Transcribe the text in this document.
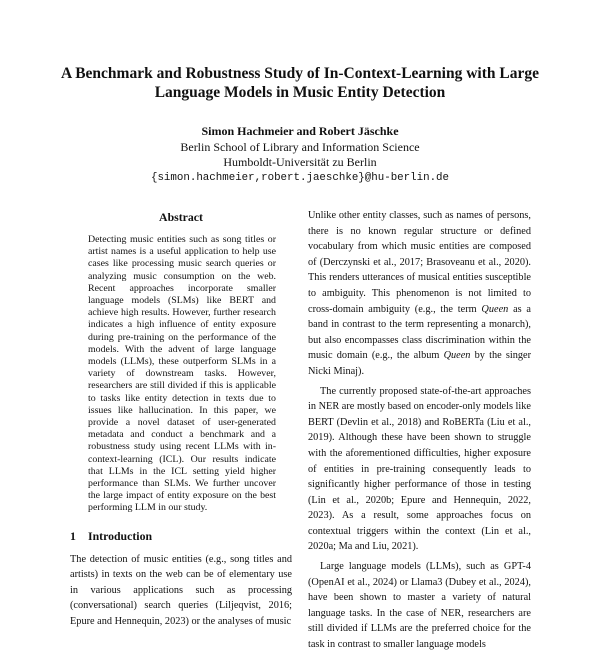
A Benchmark and Robustness Study of In-Context-Learning with Large Language Models in Music Entity Detection
Simon Hachmeier and Robert Jäschke
Berlin School of Library and Information Science
Humboldt-Universität zu Berlin
{simon.hachmeier,robert.jaeschke}@hu-berlin.de
Abstract

Detecting music entities such as song titles or artist names is a useful application to help use cases like processing music search queries or analyzing music consumption on the web. Recent approaches incorporate smaller language models (SLMs) like BERT and achieve high results. However, further research indicates a high influence of entity exposure during pre-training on the performance of the models. With the advent of large language models (LLMs), these outperform SLMs in a variety of downstream tasks. However, researchers are still divided if this is applicable to tasks like entity detection in texts due to issues like hallucination. In this paper, we provide a novel dataset of user-generated metadata and conduct a benchmark and a robustness study using recent LLMs with in-context-learning (ICL). Our results indicate that LLMs in the ICL setting yield higher performance than SLMs. We further uncover the large impact of entity exposure on the best performing LLM in our study.

1 Introduction

The detection of music entities (e.g., song titles and artists) in texts on the web can be of elementary use in various applications such as processing (conversational) search queries (Liljeqvist, 2016; Epure and Hennequin, 2023) or the analyses of music

Unlike other entity classes, such as names of persons, there is no known regular structure or defined vocabulary from which music entities are composed of (Derczynski et al., 2017; Brasoveanu et al., 2020). This renders utterances of musical entities susceptible to ambiguity. This phenomenon is not limited to cross-domain ambiguity (e.g., the term Queen as a band in contrast to the term representing a monarch), but also encompasses class discrimination within the music domain (e.g., the album Queen by the singer Nicki Minaj).

The currently proposed state-of-the-art approaches in NER are mostly based on encoder-only models like BERT (Devlin et al., 2018) and RoBERTa (Liu et al., 2019). Although these have been shown to struggle with the aforementioned difficulties, higher exposure of entities in pre-training consequently leads to significantly higher performance of those in testing (Lin et al., 2020b; Epure and Hennequin, 2022, 2023). As a result, some approaches focus on contextual triggers within the context (Lin et al., 2020a; Ma and Liu, 2021).

Large language models (LLMs), such as GPT-4 (OpenAI et al., 2024) or Llama3 (Dubey et al., 2024), have been shown to master a variety of natural language tasks. In the case of NER, researchers are still divided if LLMs are the preferred choice for the task in contrast to smaller language models
